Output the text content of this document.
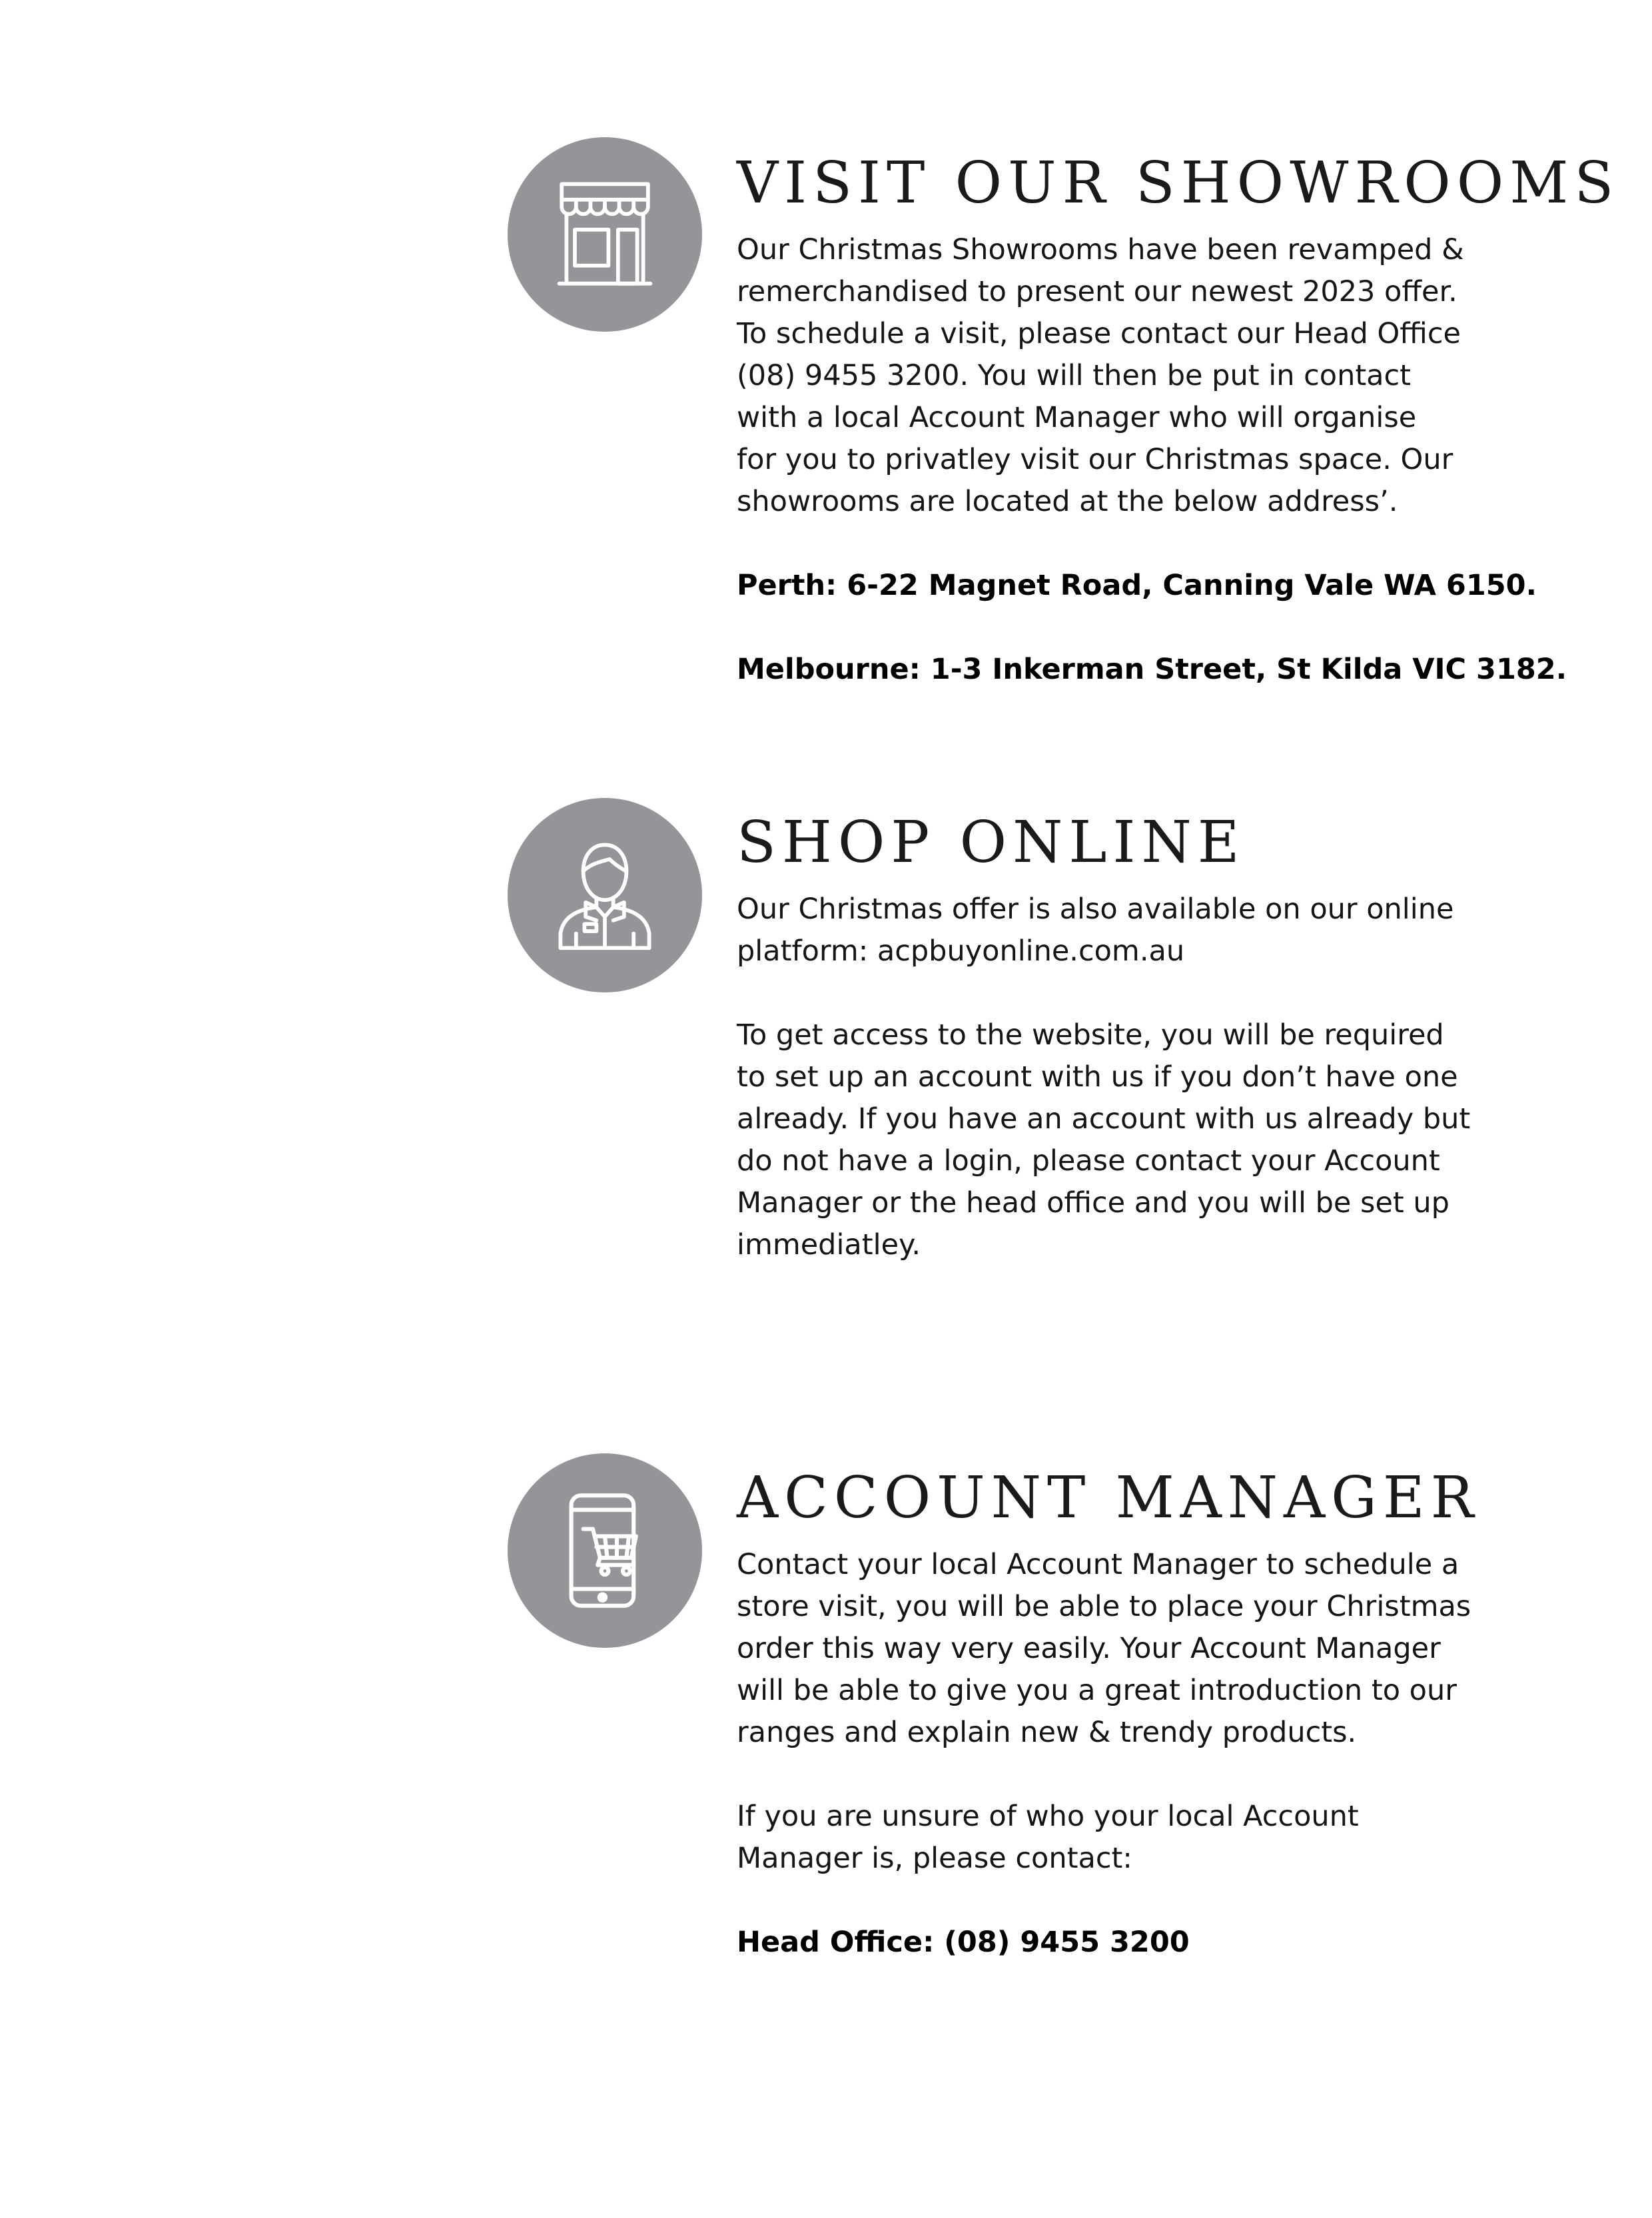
VISIT OUR SHOWROOMS

Our Christmas Showrooms have been revamped &

remerchandised to present our newest 2023 offer.

To schedule a visit, please contact our Head Office

(08) 9455 3200. You will then be put in contact

with a local Account Manager who will organise

for you to privatley visit our Christmas space. Our

showrooms are located at the below address’.

Perth: 6-22 Magnet Road, Canning Vale WA 6150.

Melbourne: 1-3 Inkerman Street, St Kilda VIC 3182.

SHOP ONLINE

Our Christmas offer is also available on our online

platform: acpbuyonline.com.au

To get access to the website, you will be required

to set up an account with us if you don’t have one

already. If you have an account with us already but

do not have a login, please contact your Account

Manager or the head office and you will be set up

immediatley.

ACCOUNT MANAGER

Contact your local Account Manager to schedule a

store visit, you will be able to place your Christmas

order this way very easily. Your Account Manager

will be able to give you a great introduction to our

ranges and explain new & trendy products.

If you are unsure of who your local Account

Manager is, please contact:

Head Office: (08) 9455 3200
